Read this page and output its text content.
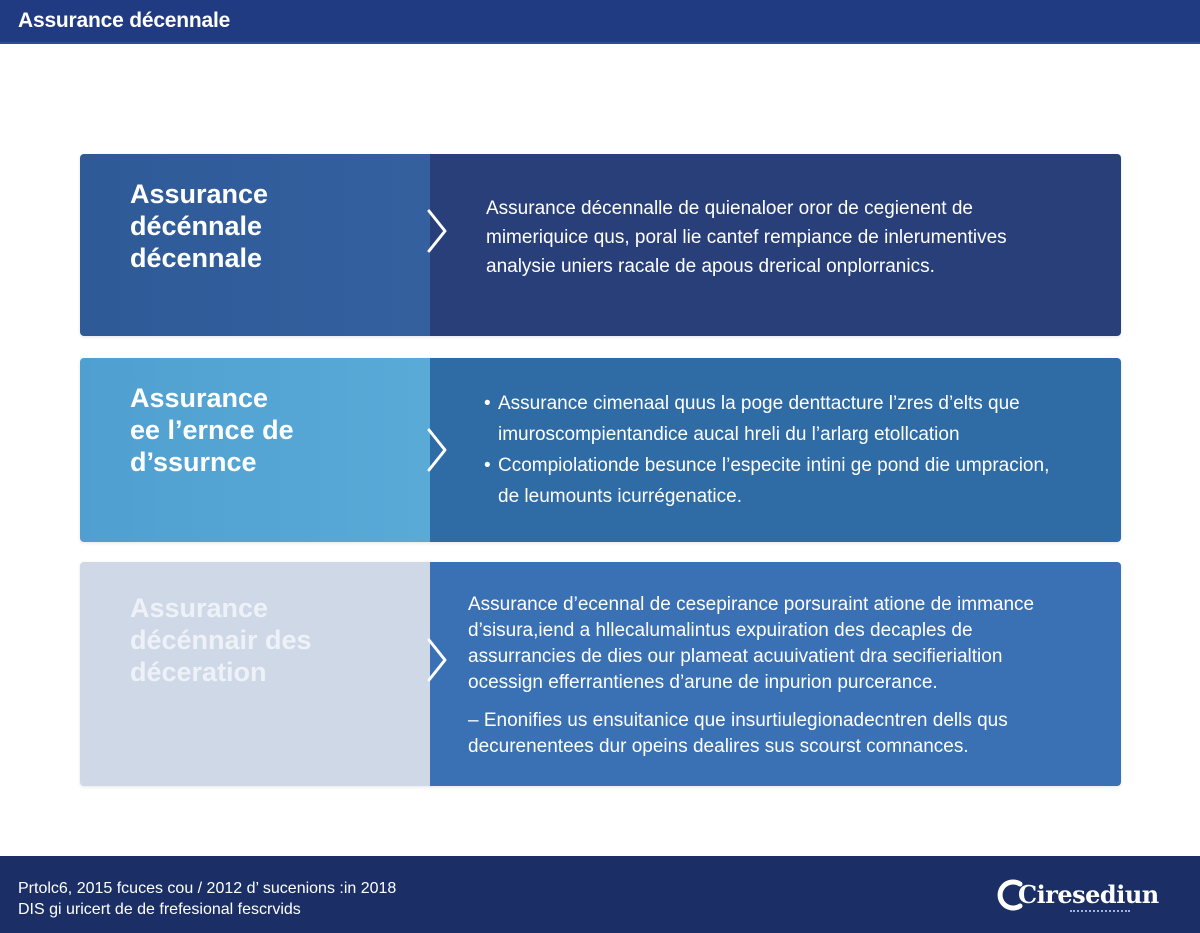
Assurance décennale
Assurance
décénnale
décennale

Assurance décennalle de quienaloer oror de cegienent de

mimeriquice qus, poral lie cantef rempiance de inlerumentives

analysie uniers racale de apous drerical onplorranics.

Assurance
ee l’ernce de
d’ssurnce
• Assurance cimenaal quus la poge denttacture l’zres d’elts que

imuroscompientandice aucal hreli du l’arlarg etollcation

• Ccompiolationde besunce l’especite intini ge pond die umpracion,

de leumounts icurrégenatice.

Assurance
décénnair des
déceration

Assurance d’ecennal de cesepirance porsuraint atione de immance

d’sisura,iend a hllecalumalintus expuiration des decaples de

assurrancies de dies our plameat acuuivatient dra secifierialtion

ocessign efferrantienes d’arune de inpurion purcerance.

– Enonifies us ensuitanice que insurtiulegionadecntren dells qus

decurenentees dur opeins dealires sus scourst comnances.

Prtolc6, 2015 fcuces cou / 2012 d’ sucenions :in 2018

DIS gi uricert de de frefesional fescrvids

Ciresediun
